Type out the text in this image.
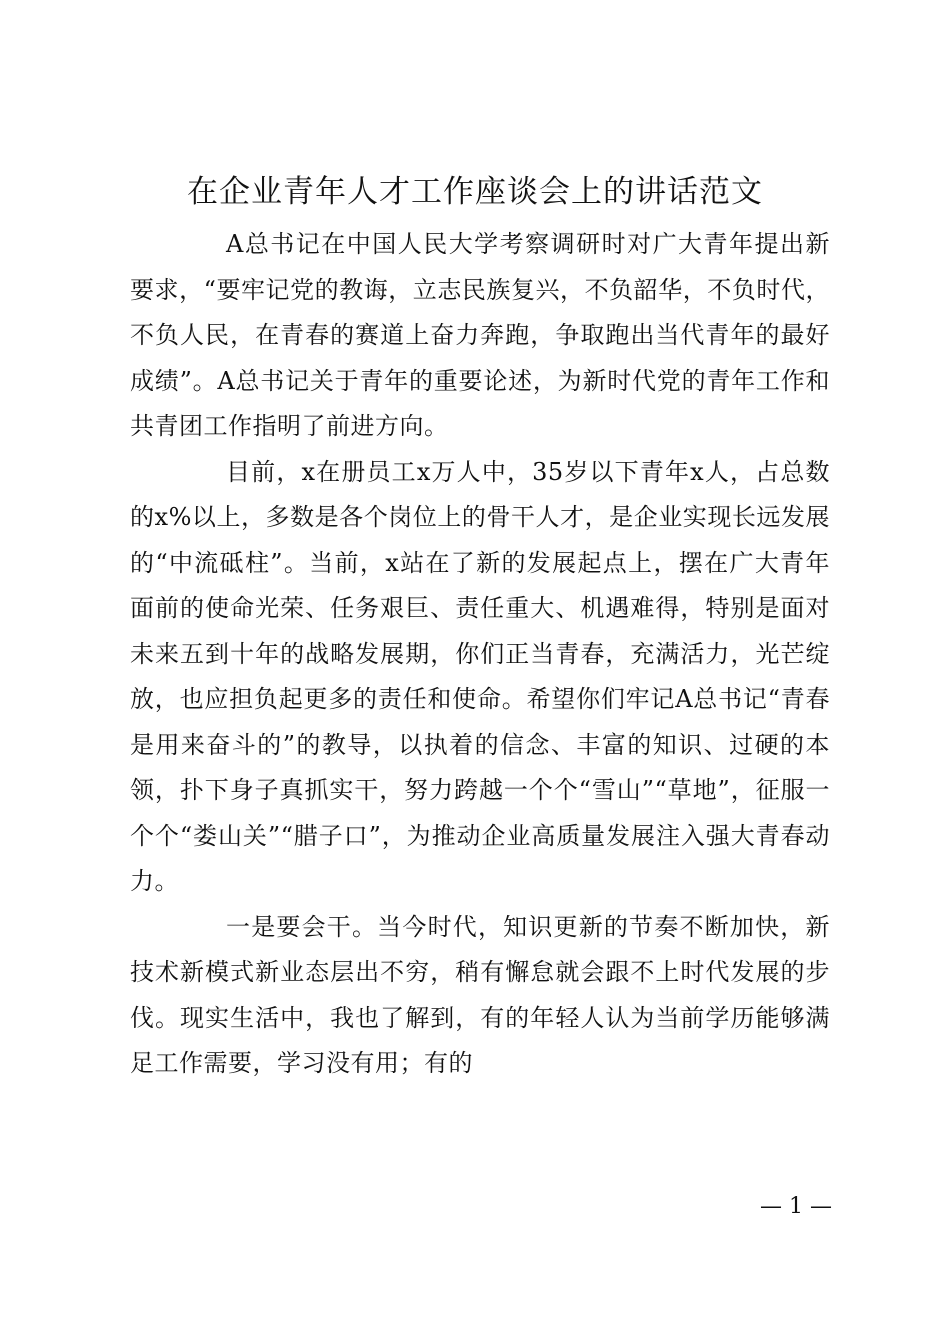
在企业青年人才工作座谈会上的讲话范文

A总书记在中国人民大学考察调研时对广大青年提出新要求，“要牢记党的教诲，立志民族复兴，不负韶华，不负时代，不负人民，在青春的赛道上奋力奔跑，争取跑出当代青年的最好成绩”。A总书记关于青年的重要论述，为新时代党的青年工作和共青团工作指明了前进方向。

目前，x在册员工x万人中，35岁以下青年x人，占总数的x%以上，多数是各个岗位上的骨干人才，是企业实现长远发展的“中流砥柱”。当前，x站在了新的发展起点上，摆在广大青年面前的使命光荣、任务艰巨、责任重大、机遇难得，特别是面对未来五到十年的战略发展期，你们正当青春，充满活力，光芒绽放，也应担负起更多的责任和使命。希望你们牢记A总书记“青春是用来奋斗的”的教导，以执着的信念、丰富的知识、过硬的本领，扑下身子真抓实干，努力跨越一个个“雪山”“草地”，征服一个个“娄山关”“腊子口”，为推动企业高质量发展注入强大青春动力。

一是要会干。当今时代，知识更新的节奏不断加快，新技术新模式新业态层出不穷，稍有懈怠就会跟不上时代发展的步伐。现实生活中，我也了解到，有的年轻人认为当前学历能够满足工作需要，学习没有用；有的

— 1 —
